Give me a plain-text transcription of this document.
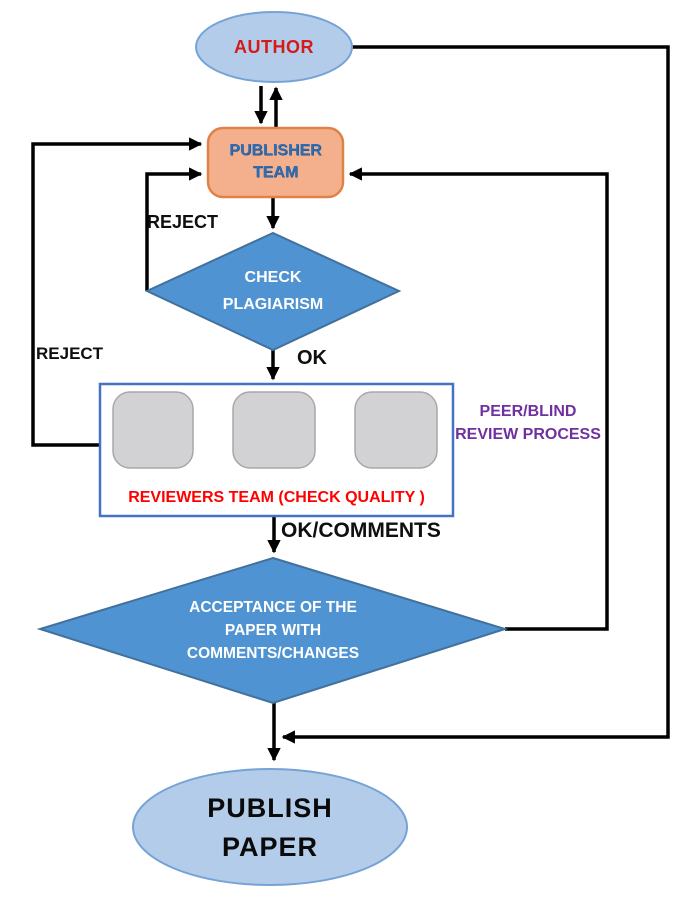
AUTHOR
PUBLISHER
TEAM
CHECK
PLAGIARISM
REVIEWERS TEAM (CHECK QUALITY )
PEER/BLIND
REVIEW PROCESS
ACCEPTANCE OF THE
PAPER WITH
COMMENTS/CHANGES
PUBLISH
PAPER
REJECT
REJECT	OK
OK/COMMENTS
